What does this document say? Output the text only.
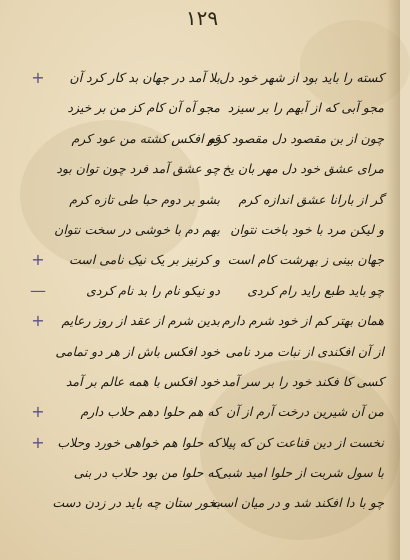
۱۲۹
کسته را باید بود از شهر خود دل
مجو آبی که از آبهم را بر سیزد
چون از بن مقصود دل مقصود کرم
مرای عشق خود دل مهر بان یخ
گر از بارانا عشق اندازه کرم
و لیکن مرد با خود باخت نتوان
جهان بینی ز بهرشت کام است
چو باید طبع راید رام کردی
همان بهتر کم از خود شرم دارم
از آن افکندی از نبات مرد نامی
کسی کا فکند خود را بر سر آمد
من آن شیرین درخت آرم از آن
نخست از دین قناعت کن که پیلا
با سول شربت از حلوا امید شبی
چو با دا افکند شد و در میان است
بلا آمد در جهان بد کار کرد آن
مجو آه آن کام کز من بر خیزد
قو افکس کشته من عود کرم
چو عشق آمد فرد چون توان بود
بشو بر دوم حبا طی تازه کرم
بهم دم با خوشی در سخت نتوان
و کرنیز بر یک نیک نامی است
دو نیکو نام را بد نام کردی
بدین شرم از عقد از روز رعایم
خود افکس باش از هر دو تمامی
خود افکس با همه عالم بر آمد
که هم حلوا دهم حلاب دارم
که حلوا هم خواهی خورد وحلاب
که حلوا من بود حلاب در بنی
بخور ستان چه باید در زدن دست
+
+
—
+
+
+
